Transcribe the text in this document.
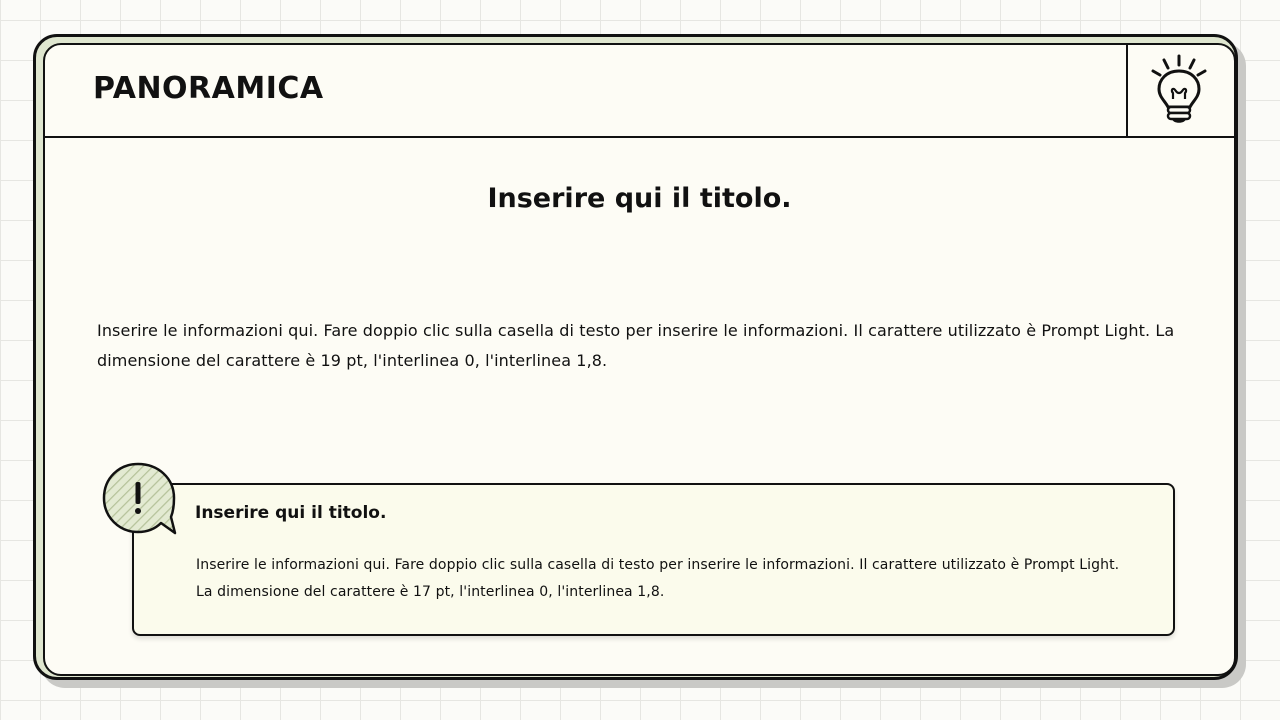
PANORAMICA
Inserire qui il titolo.
Inserire le informazioni qui. Fare doppio clic sulla casella di testo per inserire le informazioni. Il carattere utilizzato è Prompt Light. La dimensione del carattere è 19 pt, l'interlinea 0, l'interlinea 1,8.
Inserire qui il titolo.
Inserire le informazioni qui. Fare doppio clic sulla casella di testo per inserire le informazioni. Il carattere utilizzato è Prompt Light. La dimensione del carattere è 17 pt, l'interlinea 0, l'interlinea 1,8.
